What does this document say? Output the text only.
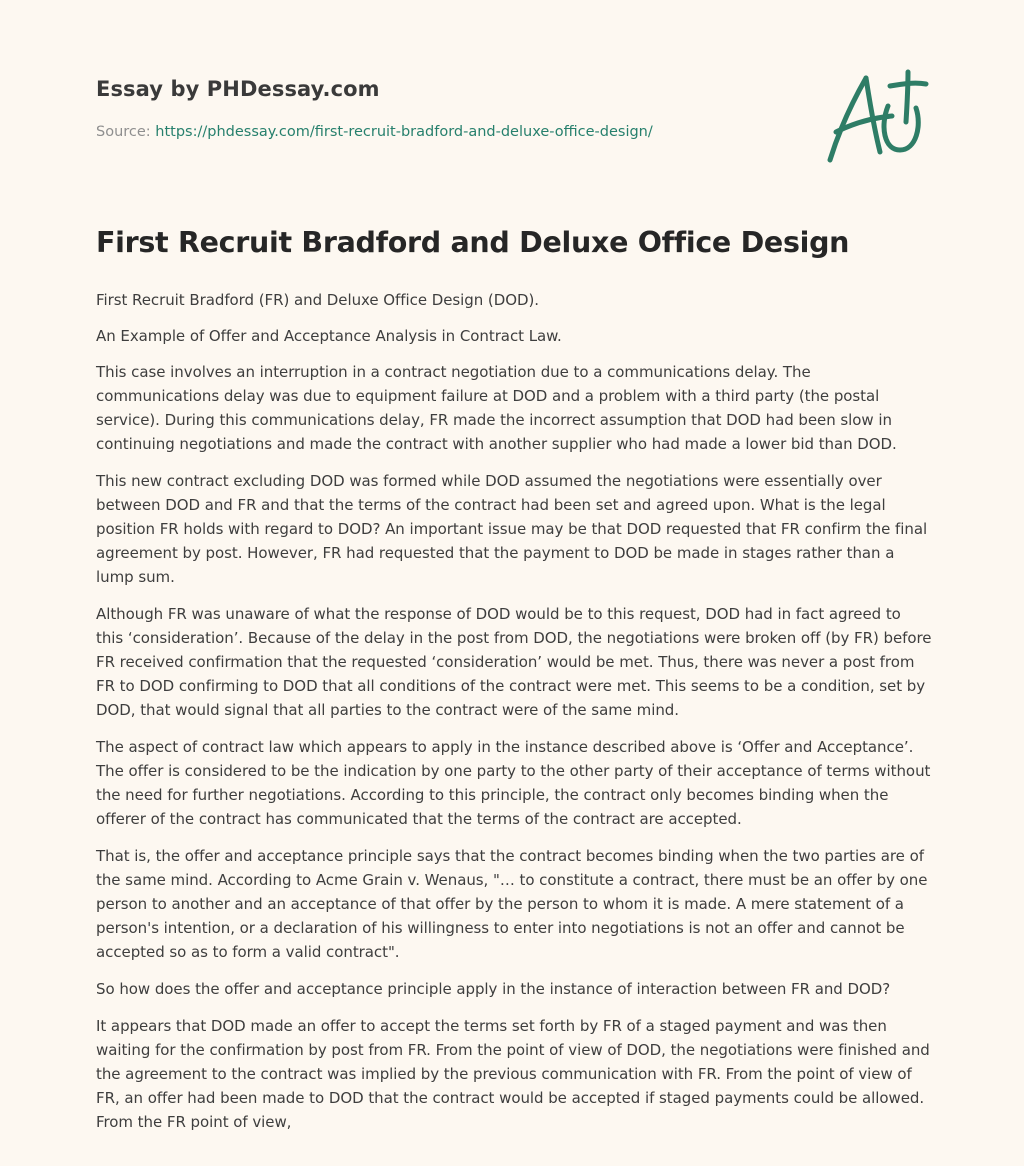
Essay by PHDessay.com

Source: https://phdessay.com/first-recruit-bradford-and-deluxe-office-design/

First Recruit Bradford and Deluxe Office Design

First Recruit Bradford (FR) and Deluxe Office Design (DOD).

An Example of Offer and Acceptance Analysis in Contract Law.

This case involves an interruption in a contract negotiation due to a communications delay. The communications delay was due to equipment failure at DOD and a problem with a third party (the postal service). During this communications delay, FR made the incorrect assumption that DOD had been slow in continuing negotiations and made the contract with another supplier who had made a lower bid than DOD.

This new contract excluding DOD was formed while DOD assumed the negotiations were essentially over between DOD and FR and that the terms of the contract had been set and agreed upon. What is the legal position FR holds with regard to DOD? An important issue may be that DOD requested that FR confirm the final agreement by post. However, FR had requested that the payment to DOD be made in stages rather than a lump sum.

Although FR was unaware of what the response of DOD would be to this request, DOD had in fact agreed to this ‘consideration’. Because of the delay in the post from DOD, the negotiations were broken off (by FR) before FR received confirmation that the requested ‘consideration’ would be met. Thus, there was never a post from FR to DOD confirming to DOD that all conditions of the contract were met. This seems to be a condition, set by DOD, that would signal that all parties to the contract were of the same mind.

The aspect of contract law which appears to apply in the instance described above is ‘Offer and Acceptance’. The offer is considered to be the indication by one party to the other party of their acceptance of terms without the need for further negotiations. According to this principle, the contract only becomes binding when the offerer of the contract has communicated that the terms of the contract are accepted.

That is, the offer and acceptance principle says that the contract becomes binding when the two parties are of the same mind. According to Acme Grain v. Wenaus, "… to constitute a contract, there must be an offer by one person to another and an acceptance of that offer by the person to whom it is made. A mere statement of a person's intention, or a declaration of his willingness to enter into negotiations is not an offer and cannot be accepted so as to form a valid contract".

So how does the offer and acceptance principle apply in the instance of interaction between FR and DOD?

It appears that DOD made an offer to accept the terms set forth by FR of a staged payment and was then waiting for the confirmation by post from FR. From the point of view of DOD, the negotiations were finished and the agreement to the contract was implied by the previous communication with FR. From the point of view of FR, an offer had been made to DOD that the contract would be accepted if staged payments could be allowed. From the FR point of view,
